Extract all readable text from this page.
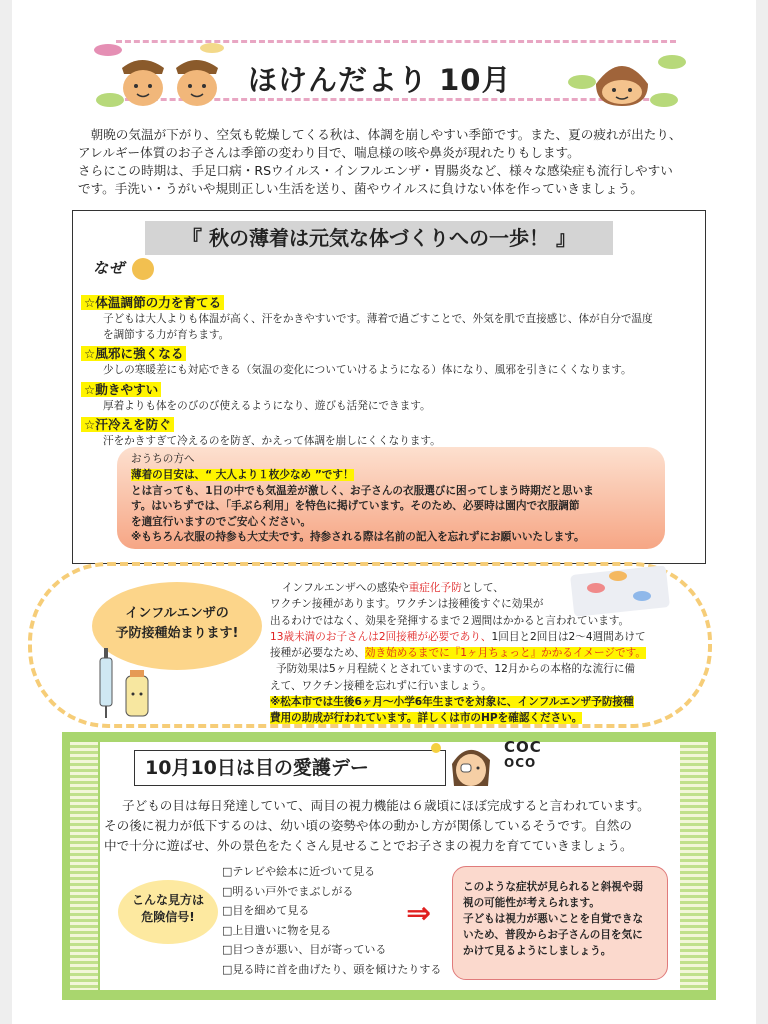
ほけんだより 10月
　朝晩の気温が下がり、空気も乾燥してくる秋は、体調を崩しやすい季節です。また、夏の疲れが出たり、
アレルギー体質のお子さんは季節の変わり目で、喘息様の咳や鼻炎が現れたりもします。
さらにこの時期は、手足口病・RSウイルス・インフルエンザ・胃腸炎など、様々な感染症も流行しやすい
です。手洗い・うがいや規則正しい生活を送り、菌やウイルスに負けない体を作っていきましょう。
『 秋の薄着は元気な体づくりへの一歩！ 』
なぜ
☆体温調節の力を育てる
子どもは大人よりも体温が高く、汗をかきやすいです。薄着で過ごすことで、外気を肌で直接感じ、体が自分で温度
を調節する力が育ちます。
☆風邪に強くなる
少しの寒暖差にも対応できる（気温の変化についていけるようになる）体になり、風邪を引きにくくなります。
☆動きやすい
厚着よりも体をのびのび使えるようになり、遊びも活発にできます。
☆汗冷えを防ぐ
汗をかきすぎて冷えるのを防ぎ、かえって体調を崩しにくくなります。
おうちの方へ
薄着の目安は、“ 大人より１枚少なめ ”です！
とは言っても、1日の中でも気温差が激しく、お子さんの衣服選びに困ってしまう時期だと思いま
す。はいちずでは、「手ぶら利用」を特色に掲げています。そのため、必要時は園内で衣服調節
を適宜行いますのでご安心ください。
※もちろん衣服の持参も大丈夫です。持参される際は名前の記入を忘れずにお願いいたします。
インフルエンザの
予防接種始まります!
インフルエンザへの感染や重症化予防として、
ワクチン接種があります。ワクチンは接種後すぐに効果が
出るわけではなく、効果を発揮するまで２週間はかかると言われています。
13歳未満のお子さんは2回接種が必要であり、1回目と2回目は2～4週間あけて
接種が必要なため、効き始めるまでに『1ヶ月ちょっと』かかるイメージです。
予防効果は5ヶ月程続くとされていますので、12月からの本格的な流行に備
えて、ワクチン接種を忘れずに行いましょう。
※松本市では生後6ヶ月～小学6年生までを対象に、インフルエンザ予防接種
費用の助成が行われています。詳しくは市のHPを確認ください。
10月10日は目の愛護デー
COC
OCO
子どもの目は毎日発達していて、両目の視力機能は６歳頃にほぼ完成すると言われています。
その後に視力が低下するのは、幼い頃の姿勢や体の動かし方が関係しているそうです。自然の
中で十分に遊ばせ、外の景色をたくさん見せることでお子さまの視力を育てていきましょう。
こんな見方は
危険信号!
□テレビや絵本に近づいて見る
□明るい戸外でまぶしがる
□目を細めて見る
□上目遣いに物を見る
□目つきが悪い、目が寄っている
□見る時に首を曲げたり、頭を傾けたりする
⇒
このような症状が見られると斜視や弱
視の可能性が考えられます。
子どもは視力が悪いことを自覚できな
いため、普段からお子さんの目を気に
かけて見るようにしましょう。
